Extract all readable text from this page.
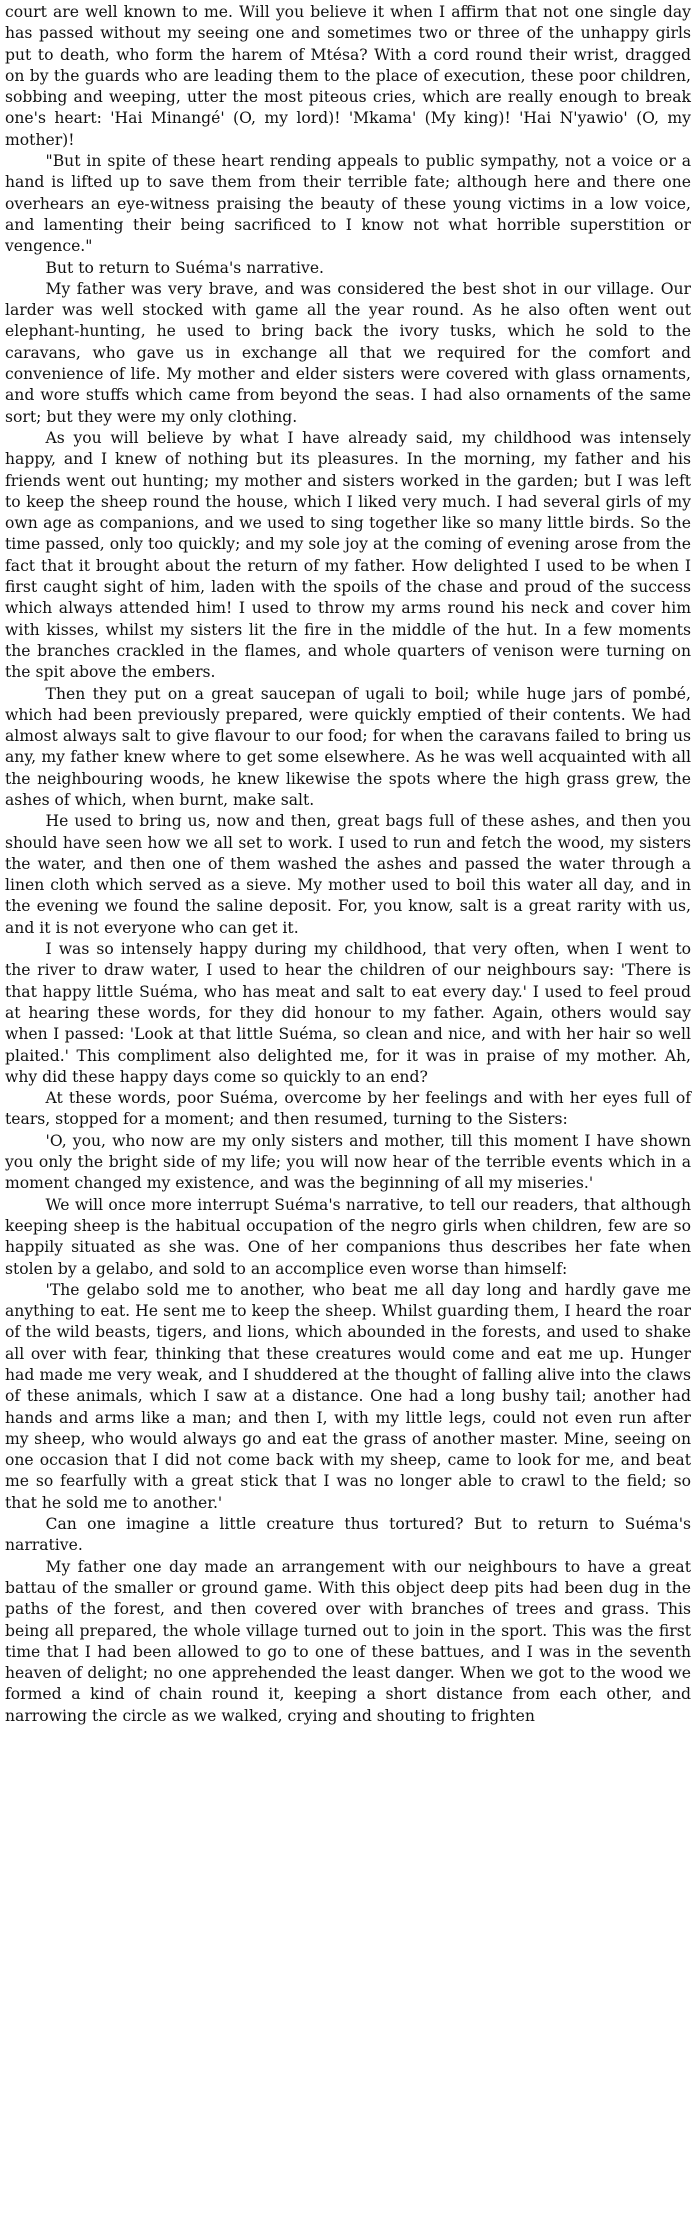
court are well known to me. Will you believe it when I affirm that not one single day has passed without my seeing one and sometimes two or three of the unhappy girls put to death, who form the harem of Mtésa? With a cord round their wrist, dragged on by the guards who are leading them to the place of execution, these poor children, sobbing and weeping, utter the most piteous cries, which are really enough to break one's heart: 'Hai Minangé' (O, my lord)! 'Mkama' (My king)! 'Hai N'yawio' (O, my mother)!

"But in spite of these heart rending appeals to public sympathy, not a voice or a hand is lifted up to save them from their terrible fate; although here and there one overhears an eye-witness praising the beauty of these young victims in a low voice, and lamenting their being sacrificed to I know not what horrible superstition or vengence."

But to return to Suéma's narrative.

My father was very brave, and was considered the best shot in our village. Our larder was well stocked with game all the year round. As he also often went out elephant-hunting, he used to bring back the ivory tusks, which he sold to the caravans, who gave us in exchange all that we required for the comfort and convenience of life. My mother and elder sisters were covered with glass ornaments, and wore stuffs which came from beyond the seas. I had also ornaments of the same sort; but they were my only clothing.

As you will believe by what I have already said, my childhood was intensely happy, and I knew of nothing but its pleasures. In the morning, my father and his friends went out hunting; my mother and sisters worked in the garden; but I was left to keep the sheep round the house, which I liked very much. I had several girls of my own age as companions, and we used to sing together like so many little birds. So the time passed, only too quickly; and my sole joy at the coming of evening arose from the fact that it brought about the return of my father. How delighted I used to be when I first caught sight of him, laden with the spoils of the chase and proud of the success which always attended him! I used to throw my arms round his neck and cover him with kisses, whilst my sisters lit the fire in the middle of the hut. In a few moments the branches crackled in the flames, and whole quarters of venison were turning on the spit above the embers.

Then they put on a great saucepan of ugali to boil; while huge jars of pombé, which had been previously prepared, were quickly emptied of their contents. We had almost always salt to give flavour to our food; for when the caravans failed to bring us any, my father knew where to get some elsewhere. As he was well acquainted with all the neighbouring woods, he knew likewise the spots where the high grass grew, the ashes of which, when burnt, make salt.

He used to bring us, now and then, great bags full of these ashes, and then you should have seen how we all set to work. I used to run and fetch the wood, my sisters the water, and then one of them washed the ashes and passed the water through a linen cloth which served as a sieve. My mother used to boil this water all day, and in the evening we found the saline deposit. For, you know, salt is a great rarity with us, and it is not everyone who can get it.

I was so intensely happy during my childhood, that very often, when I went to the river to draw water, I used to hear the children of our neighbours say: 'There is that happy little Suéma, who has meat and salt to eat every day.' I used to feel proud at hearing these words, for they did honour to my father. Again, others would say when I passed: 'Look at that little Suéma, so clean and nice, and with her hair so well plaited.' This compliment also delighted me, for it was in praise of my mother. Ah, why did these happy days come so quickly to an end?

At these words, poor Suéma, overcome by her feelings and with her eyes full of tears, stopped for a moment; and then resumed, turning to the Sisters:

'O, you, who now are my only sisters and mother, till this moment I have shown you only the bright side of my life; you will now hear of the terrible events which in a moment changed my existence, and was the beginning of all my miseries.'

We will once more interrupt Suéma's narrative, to tell our readers, that although keeping sheep is the habitual occupation of the negro girls when children, few are so happily situated as she was. One of her companions thus describes her fate when stolen by a gelabo, and sold to an accomplice even worse than himself:

'The gelabo sold me to another, who beat me all day long and hardly gave me anything to eat. He sent me to keep the sheep. Whilst guarding them, I heard the roar of the wild beasts, tigers, and lions, which abounded in the forests, and used to shake all over with fear, thinking that these creatures would come and eat me up. Hunger had made me very weak, and I shuddered at the thought of falling alive into the claws of these animals, which I saw at a distance. One had a long bushy tail; another had hands and arms like a man; and then I, with my little legs, could not even run after my sheep, who would always go and eat the grass of another master. Mine, seeing on one occasion that I did not come back with my sheep, came to look for me, and beat me so fearfully with a great stick that I was no longer able to crawl to the field; so that he sold me to another.'

Can one imagine a little creature thus tortured? But to return to Suéma's narrative.

My father one day made an arrangement with our neighbours to have a great battau of the smaller or ground game. With this object deep pits had been dug in the paths of the forest, and then covered over with branches of trees and grass. This being all prepared, the whole village turned out to join in the sport. This was the first time that I had been allowed to go to one of these battues, and I was in the seventh heaven of delight; no one apprehended the least danger. When we got to the wood we formed a kind of chain round it, keeping a short distance from each other, and narrowing the circle as we walked, crying and shouting to frighten
